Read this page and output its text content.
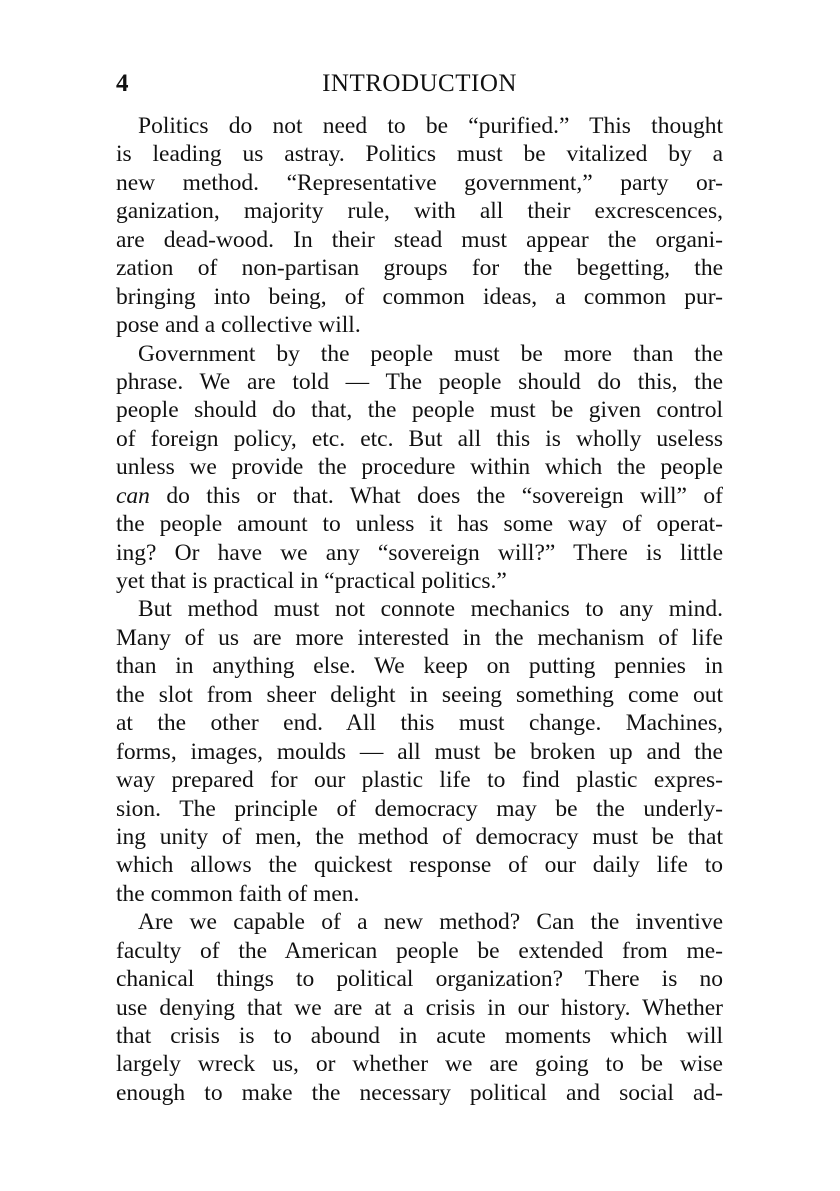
4	INTRODUCTION
Politics do not need to be “purified.” This thought
is leading us astray. Politics must be vitalized by a
new method. “Representative government,” party or-
ganization, majority rule, with all their excrescences,
are dead-wood. In their stead must appear the organi-
zation of non-partisan groups for the begetting, the
bringing into being, of common ideas, a common pur-
pose and a collective will.
Government by the people must be more than the
phrase. We are told — The people should do this, the
people should do that, the people must be given control
of foreign policy, etc. etc. But all this is wholly useless
unless we provide the procedure within which the people
can do this or that. What does the “sovereign will” of
the people amount to unless it has some way of operat-
ing? Or have we any “sovereign will?” There is little
yet that is practical in “practical politics.”
But method must not connote mechanics to any mind.
Many of us are more interested in the mechanism of life
than in anything else. We keep on putting pennies in
the slot from sheer delight in seeing something come out
at the other end. All this must change. Machines,
forms, images, moulds — all must be broken up and the
way prepared for our plastic life to find plastic expres-
sion. The principle of democracy may be the underly-
ing unity of men, the method of democracy must be that
which allows the quickest response of our daily life to
the common faith of men.
Are we capable of a new method? Can the inventive
faculty of the American people be extended from me-
chanical things to political organization? There is no
use denying that we are at a crisis in our history. Whether
that crisis is to abound in acute moments which will
largely wreck us, or whether we are going to be wise
enough to make the necessary political and social ad-
